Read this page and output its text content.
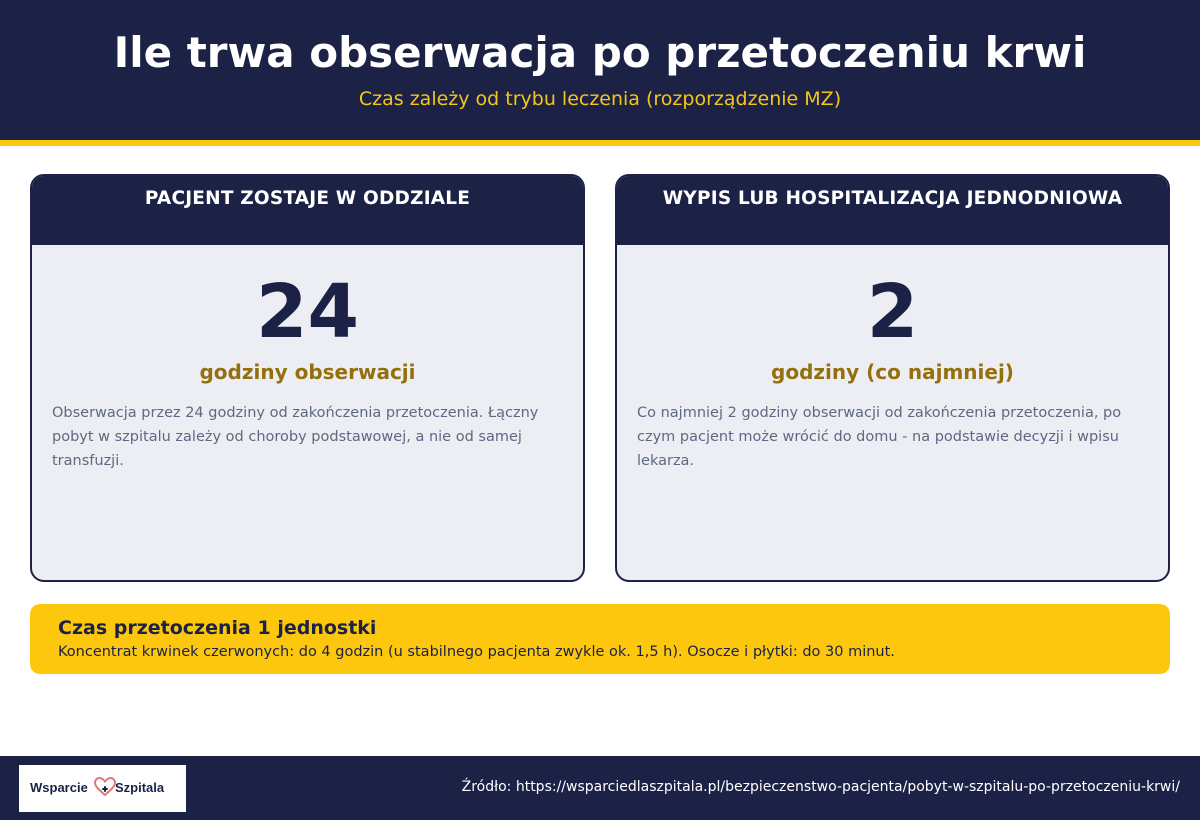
Ile trwa obserwacja po przetoczeniu krwi
Czas zależy od trybu leczenia (rozporządzenie MZ)
PACJENT ZOSTAJE W ODDZIALE
24
godziny obserwacji
Obserwacja przez 24 godziny od zakończenia przetoczenia. Łączny pobyt w szpitalu zależy od choroby podstawowej, a nie od samej transfuzji.
WYPIS LUB HOSPITALIZACJA JEDNODNIOWA
2
godziny (co najmniej)
Co najmniej 2 godziny obserwacji od zakończenia przetoczenia, po czym pacjent może wrócić do domu - na podstawie decyzji i wpisu lekarza.
Czas przetoczenia 1 jednostki
Koncentrat krwinek czerwonych: do 4 godzin (u stabilnego pacjenta zwykle ok. 1,5 h). Osocze i płytki: do 30 minut.
Wsparcie Szpitala	Źródło: https://wsparciedlaszpitala.pl/bezpieczenstwo-pacjenta/pobyt-w-szpitalu-po-przetoczeniu-krwi/
